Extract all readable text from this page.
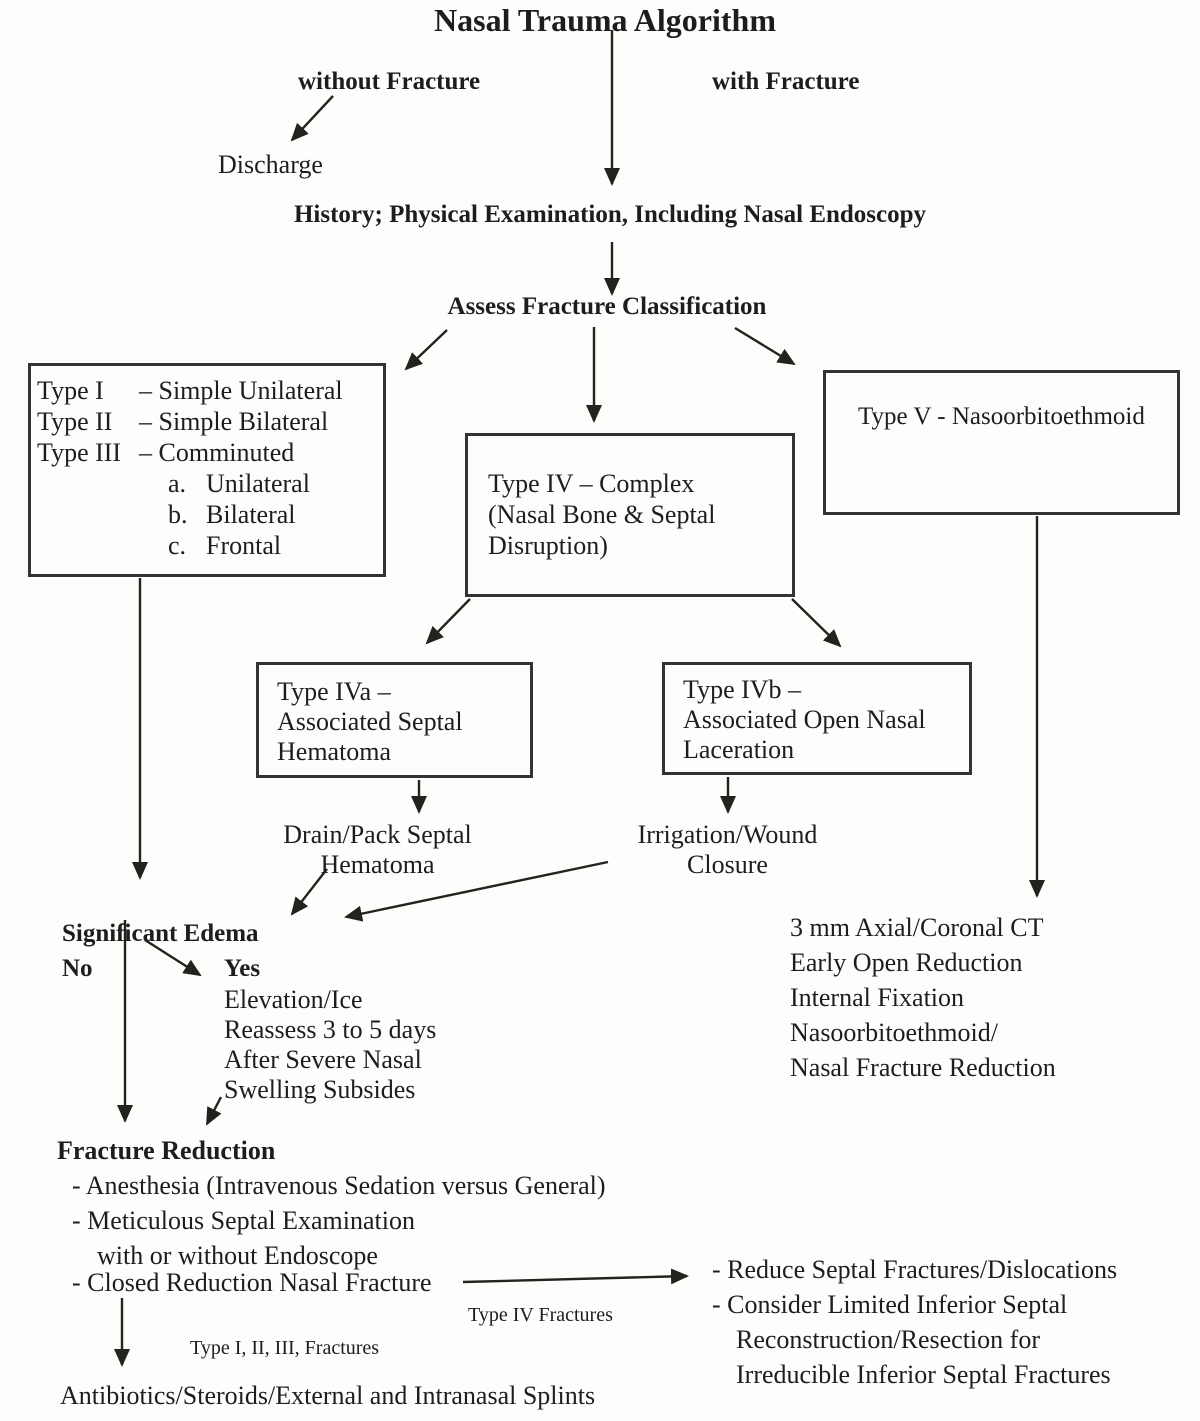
Nasal Trauma Algorithm
without Fracture	with Fracture
Discharge
History; Physical Examination, Including Nasal Endoscopy
Assess Fracture Classification
Type I	– Simple Unilateral
Type II	– Simple Bilateral
Type III – Comminuted
a. Unilateral
b. Bilateral
c. Frontal
Type IV – Complex
(Nasal Bone & Septal
Disruption)
Type V - Nasoorbitoethmoid
Type IVa –
Associated Septal
Hematoma
Type IVb –
Associated Open Nasal
Laceration
Drain/Pack Septal
Hematoma
Irrigation/Wound
Closure
Significant Edema
No	Yes
Elevation/Ice
Reassess 3 to 5 days
After Severe Nasal
Swelling Subsides
3 mm Axial/Coronal CT
Early Open Reduction
Internal Fixation
Nasoorbitoethmoid/
Nasal Fracture Reduction
Fracture Reduction
- Anesthesia (Intravenous Sedation versus General)
- Meticulous Septal Examination
with or without Endoscope
- Closed Reduction Nasal Fracture
Type IV Fractures
Type I, II, III, Fractures
- Reduce Septal Fractures/Dislocations
- Consider Limited Inferior Septal
Reconstruction/Resection for
Irreducible Inferior Septal Fractures
Antibiotics/Steroids/External and Intranasal Splints
